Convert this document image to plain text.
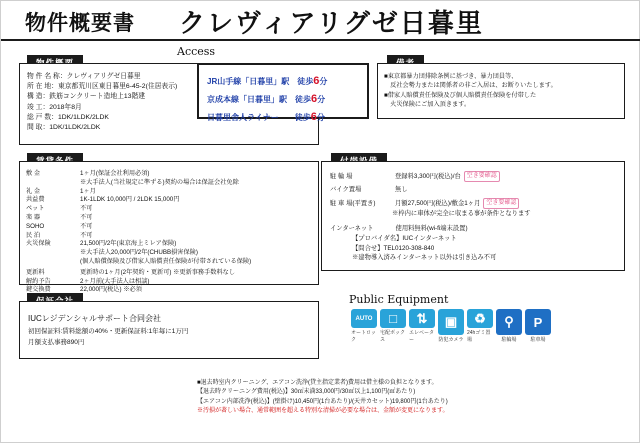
物件概要書 クレヴィアリグゼ日暮里
物 件 名 称：クレヴィアリグゼ日暮里
所 在 地：東京都荒川区東日暮里6-45-2(住居表示)
構 造：鉄筋コンクリート造地上13階建
竣 工：2018年8月
総 戸 数：1DK/1LDK/2LDK
間 取：1DK/1LDK/2LDK
敷 金	1ヶ月(保証会社利用必須)
※大手法人(当社規定に準ずる)契約の場合は保証会社免除
礼 金	1ヶ月
共益費	1K-1LDK 10,000円 / 2LDK 15,000円
ペット	不可
楽 器	不可
SOHO	不可
民 泊	不可
火災保険	21,500円/2年(東京海上ミレア保険)
※大手法人20,000円/2年(CHUBB損害保険)
(個人賠償保険及び借家人賠償責任保険が付帯されている保険)
更新料	更新時の1ヶ月(2年契約・更新可) ※更新事務手数料なし
解約予告	2ヶ月前(大手法人は相談)
鍵交換費	22,000円(税込) ※必須
IUCレジデンシャルサポート合同会社
初回保証料:賃料総額の40%・更新保証料:1年毎に1万円
月額支払事務890円
Access
JR山手線「日暮里」駅　徒歩6分
京成本線「日暮里」駅　徒歩6分
日暮里舎人ライナー　　徒歩6分
■東京都暴力団排除条例に基づき、暴力団員等、
　反社会勢力または関係者の非ご入居は、お断りいたします。
■借家人賠償責任保険及び個人賠償責任保険を付帯した
　火災保険にご加入頂きます。
駐 輪 場	登録料3,300円(税込)/台	空き要確認
バイク置場	無し
駐 車 場(平置き)	月額27,500円(税込)/敷金1ヶ月	空き要確認
※枠内に車体が完全に収まる事が条件となります
インターネット	使用料無料(wi-fi端末設置)
【プロバイダ名】IUCインターネット
【問合せ】TEL0120-308-840
※建物導入済みインターネット以外は引き込み不可
Public Equipment
AUTO
オートロック
□
宅配ボックス
⇅
エレベーター
▣
防犯カメラ
♻
24hゴミ置場
⚲
駐輪場
P
駐車場
■退去時室内クリーニング、エアコン洗浄(貸主指定業者)費用は借主様の負担となります。
【退去時クリーニング費用(税込)】30㎡未満33,000円/30㎡以上1,100円(㎡あたり)
【エアコン内部洗浄(税込)】(壁掛け)10,450円(1台あたり)/(天井カセット)19,800円(1台あたり)
※汚損が著しい場合、通常範囲を超える特別な清掃が必要な場合は、金額が変更になります。
